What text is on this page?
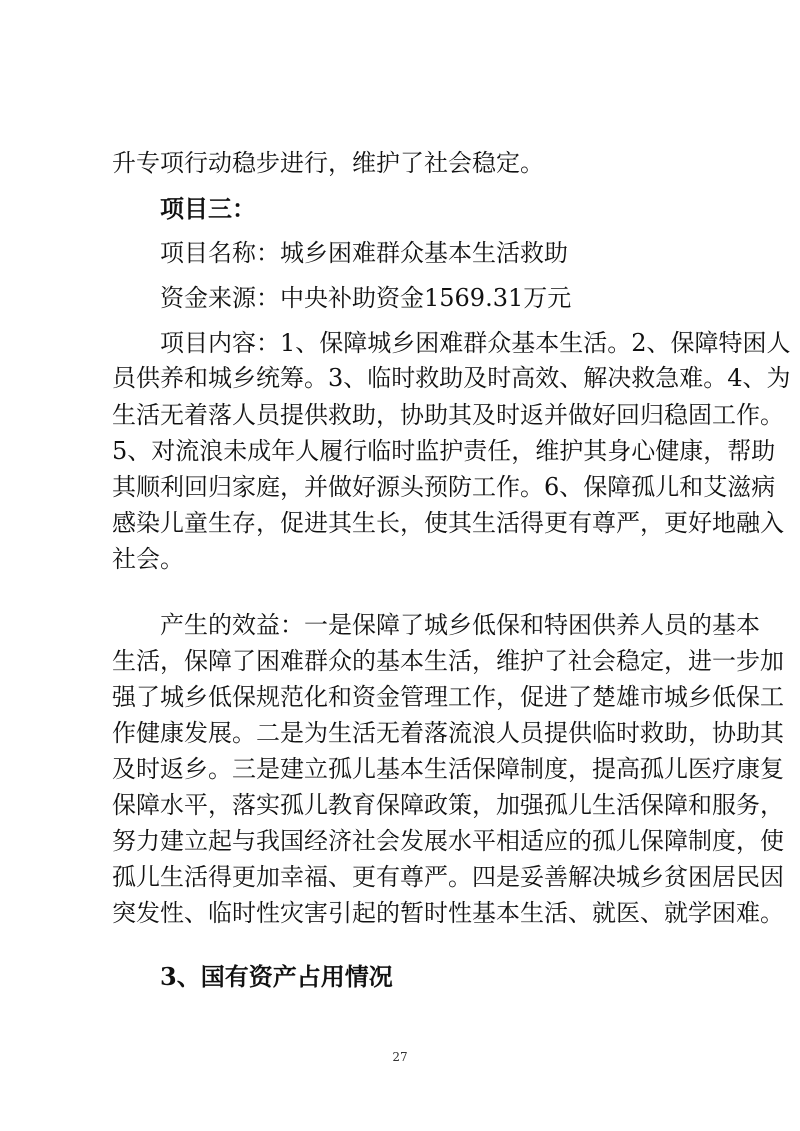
升专项行动稳步进行，维护了社会稳定。
项目三：
项目名称：城乡困难群众基本生活救助
资金来源：中央补助资金1569.31万元
项目内容：1、保障城乡困难群众基本生活。2、保障特困人
员供养和城乡统筹。3、临时救助及时高效、解决救急难。4、为
生活无着落人员提供救助，协助其及时返并做好回归稳固工作。
5、对流浪未成年人履行临时监护责任，维护其身心健康，帮助
其顺利回归家庭，并做好源头预防工作。6、保障孤儿和艾滋病
感染儿童生存，促进其生长，使其生活得更有尊严，更好地融入
社会。
产生的效益：一是保障了城乡低保和特困供养人员的基本
生活，保障了困难群众的基本生活，维护了社会稳定，进一步加
强了城乡低保规范化和资金管理工作，促进了楚雄市城乡低保工
作健康发展。二是为生活无着落流浪人员提供临时救助，协助其
及时返乡。三是建立孤儿基本生活保障制度，提高孤儿医疗康复
保障水平，落实孤儿教育保障政策，加强孤儿生活保障和服务，
努力建立起与我国经济社会发展水平相适应的孤儿保障制度，使
孤儿生活得更加幸福、更有尊严。四是妥善解决城乡贫困居民因
突发性、临时性灾害引起的暂时性基本生活、就医、就学困难。
3、国有资产占用情况
27
